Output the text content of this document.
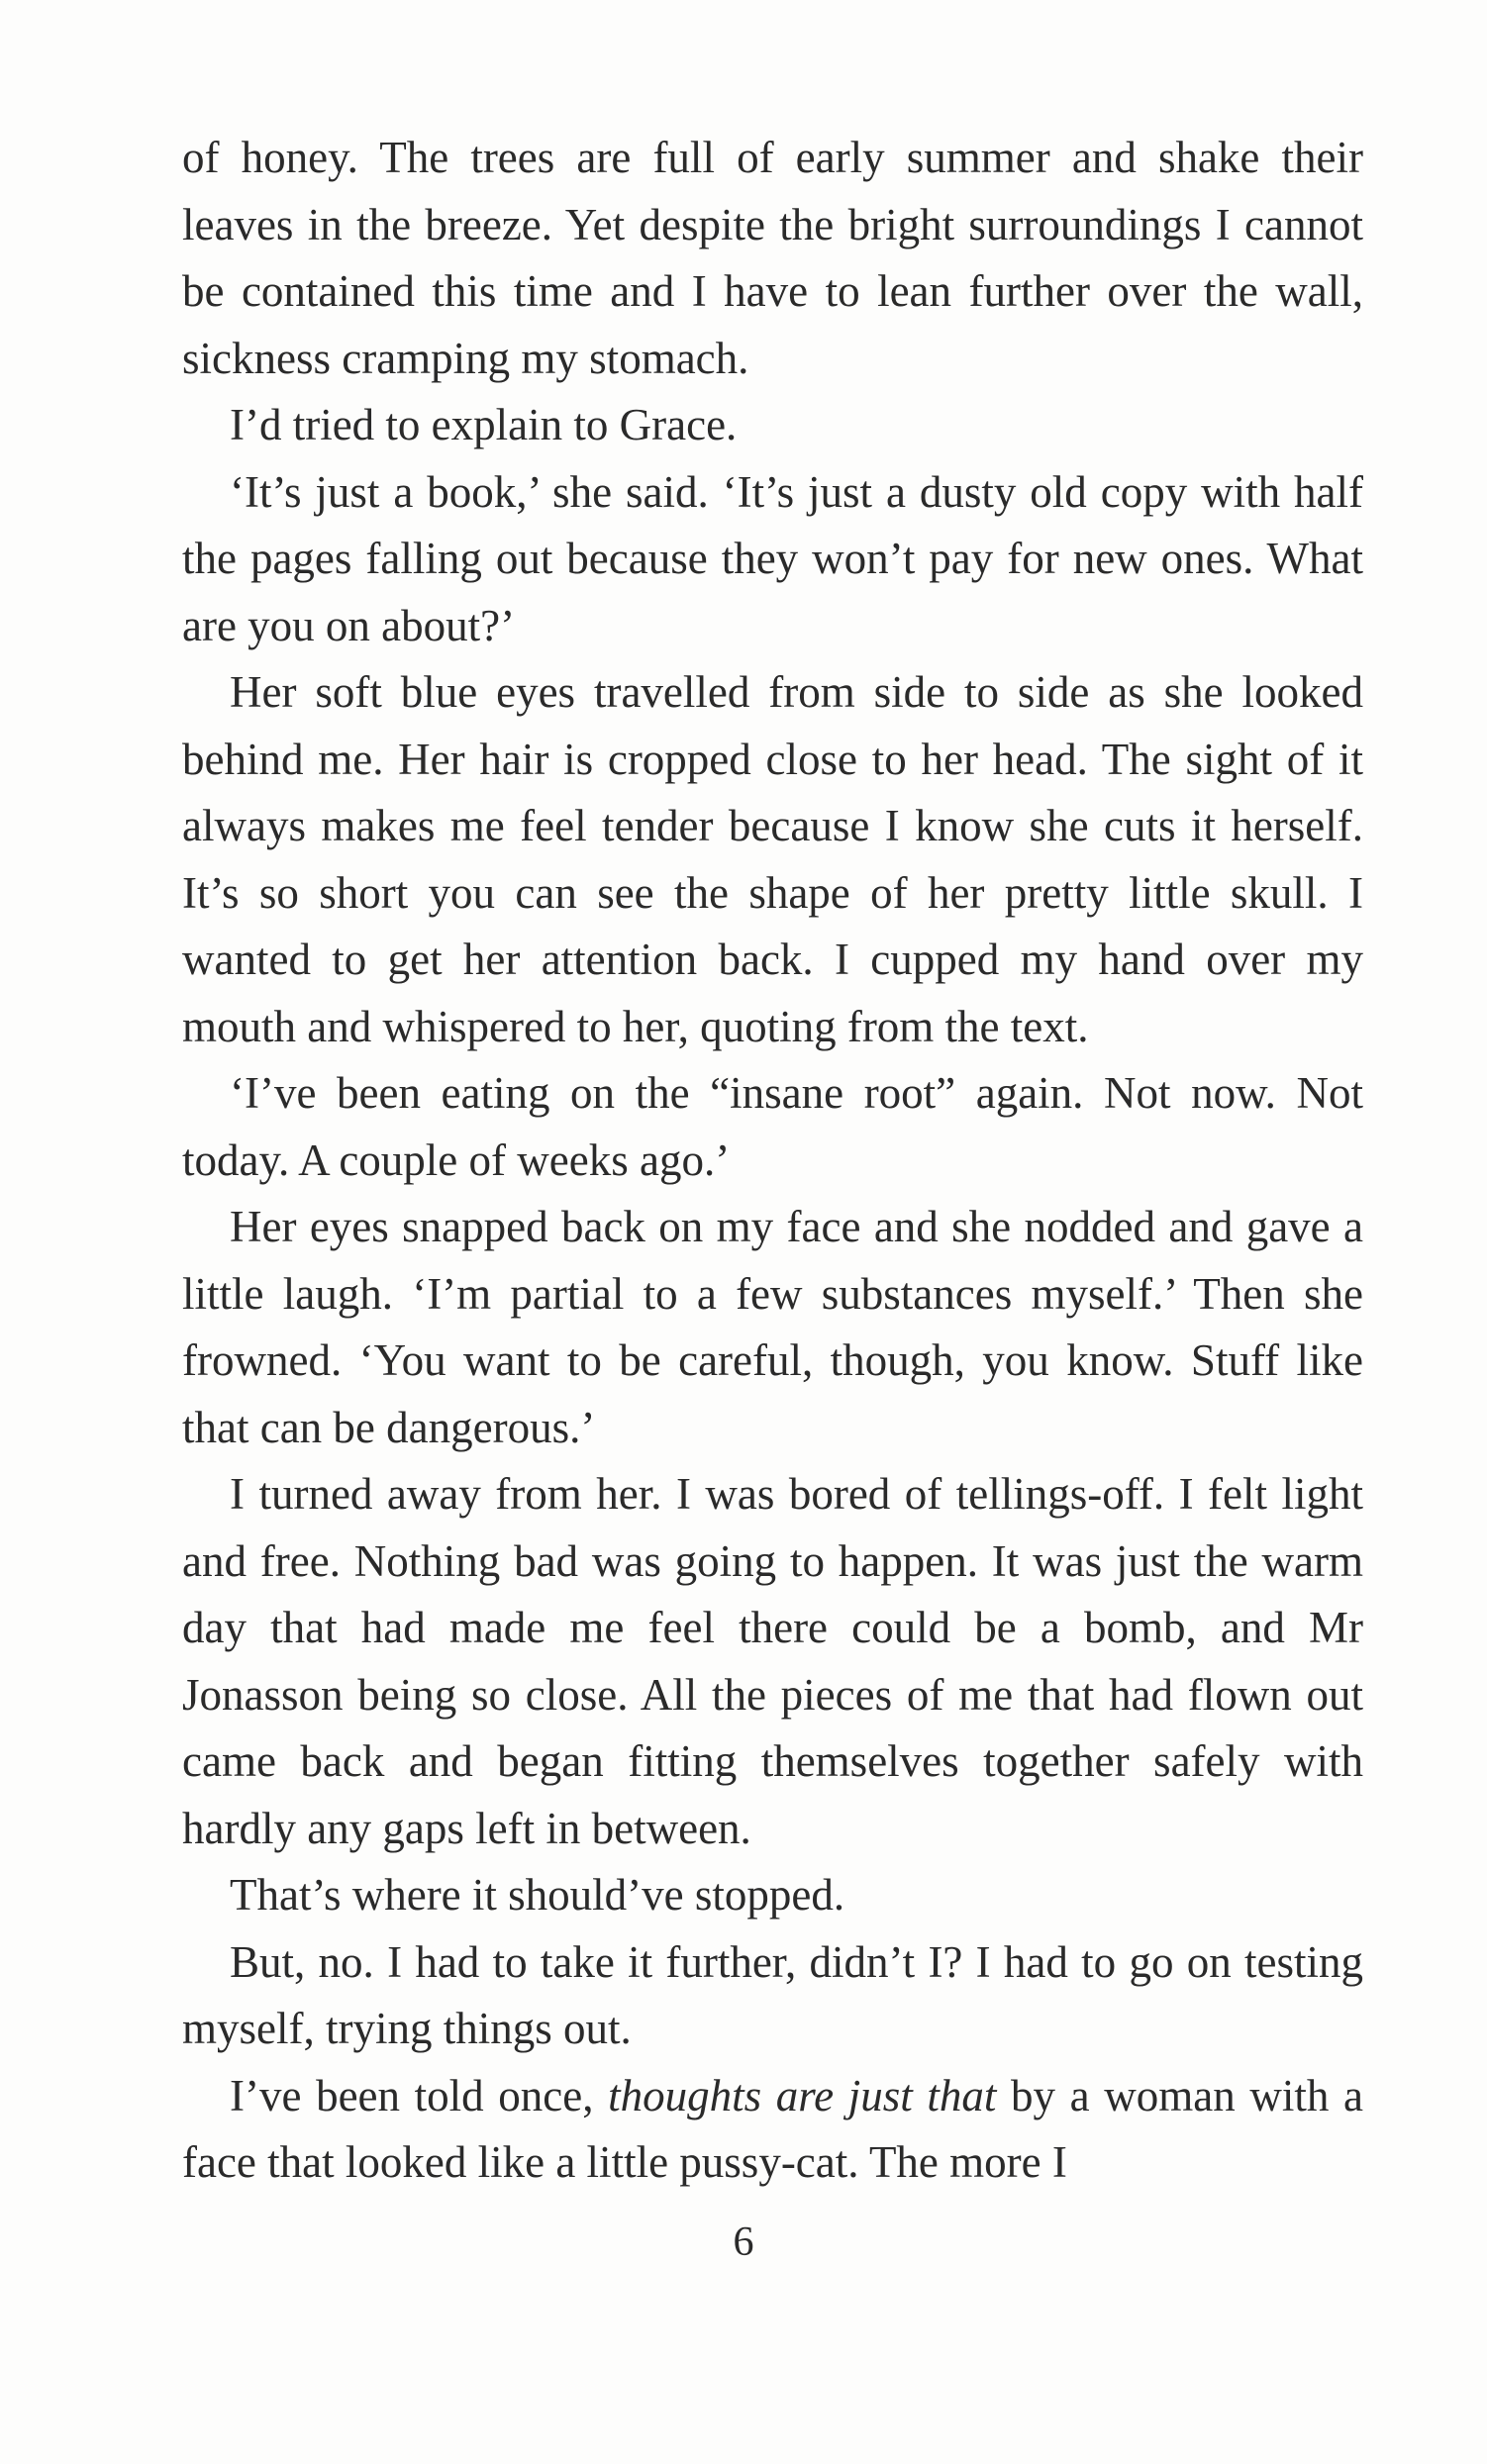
of honey. The trees are full of early summer and shake their leaves in the breeze. Yet despite the bright surroundings I cannot be contained this time and I have to lean further over the wall, sickness cramping my stomach.

I’d tried to explain to Grace.

‘It’s just a book,’ she said. ‘It’s just a dusty old copy with half the pages falling out because they won’t pay for new ones. What are you on about?’

Her soft blue eyes travelled from side to side as she looked behind me. Her hair is cropped close to her head. The sight of it always makes me feel tender because I know she cuts it herself. It’s so short you can see the shape of her pretty little skull. I wanted to get her attention back. I cupped my hand over my mouth and whispered to her, quoting from the text.

‘I’ve been eating on the “insane root” again. Not now. Not today. A couple of weeks ago.’

Her eyes snapped back on my face and she nodded and gave a little laugh. ‘I’m partial to a few substances myself.’ Then she frowned. ‘You want to be careful, though, you know. Stuff like that can be dangerous.’

I turned away from her. I was bored of tellings-off. I felt light and free. Nothing bad was going to happen. It was just the warm day that had made me feel there could be a bomb, and Mr Jonasson being so close. All the pieces of me that had flown out came back and began fitting themselves together safely with hardly any gaps left in between.

That’s where it should’ve stopped.

But, no. I had to take it further, didn’t I? I had to go on testing myself, trying things out.

I’ve been told once, thoughts are just that by a woman with a face that looked like a little pussy-cat. The more I

6
